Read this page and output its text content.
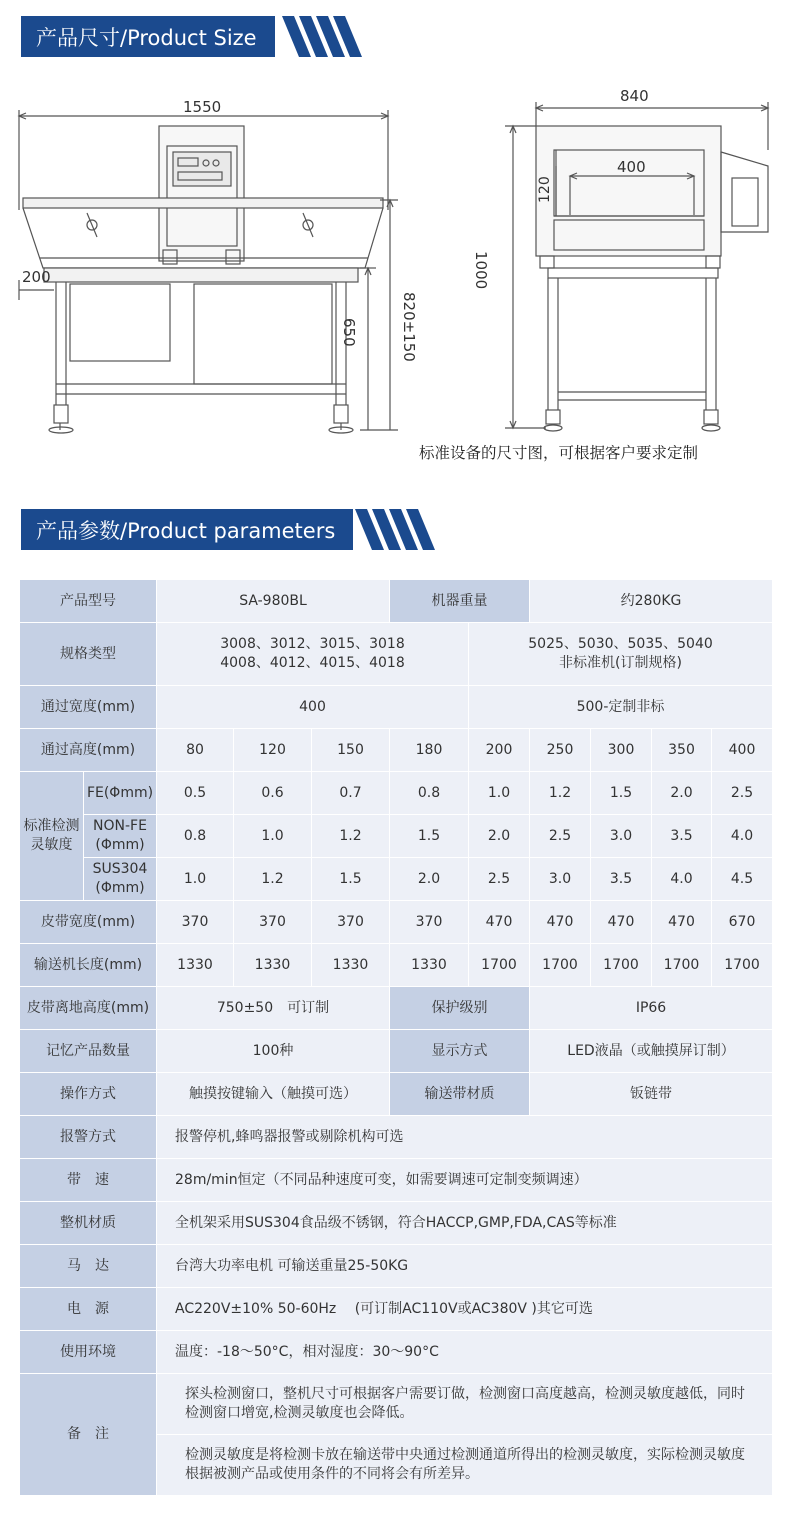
产品尺寸/Product Size
1550
200
650	820±150
840
400
120
1000
标准设备的尺寸图，可根据客户要求定制
产品参数/Product parameters
产品型号		SA-980BL			机器重量		约280KG			
规格类型		3008、3012、3015、3018
4008、4012、4015、4018				5025、5030、5035、5040
非标准机(订制规格)				
通过宽度(mm)		400				500-定制非标				
通过高度(mm)		80	120	150	180	200	250	300	350	400
标准检测
灵敏度	FE(Φmm)	0.5	0.6	0.7	0.8	1.0	1.2	1.5	2.0	2.5
	NON-FE
(Φmm)	0.8	1.0	1.2	1.5	2.0	2.5	3.0	3.5	4.0
	SUS304
(Φmm)	1.0	1.2	1.5	2.0	2.5	3.0	3.5	4.0	4.5
皮带宽度(mm)		370	370	370	370	470	470	470	470	670
输送机长度(mm)		1330	1330	1330	1330	1700	1700	1700	1700	1700
皮带离地高度(mm)		750±50　可订制			保护级别		IP66			
记忆产品数量		100种			显示方式		LED液晶（或触摸屏订制）			
操作方式		触摸按键输入（触摸可选）			输送带材质		钣链带			
报警方式		报警停机,蜂鸣器报警或剔除机构可选								
带　速		28m/min恒定（不同品种速度可变，如需要调速可定制变频调速）								
整机材质		全机架采用SUS304食品级不锈钢，符合HACCP,GMP,FDA,CAS等标准								
马　达		台湾大功率电机 可输送重量25-50KG								
电　源		AC220V±10% 50-60Hz　 (可订制AC110V或AC380V )其它可选								
使用环境		温度：-18～50°C，相对湿度：30～90°C								
备　注		探头检测窗口，整机尺寸可根据客户需要订做，检测窗口高度越高，检测灵敏度越低，同时检测窗口增宽,检测灵敏度也会降低。								
		检测灵敏度是将检测卡放在输送带中央通过检测通道所得出的检测灵敏度，实际检测灵敏度根据被测产品或使用条件的不同将会有所差异。								
